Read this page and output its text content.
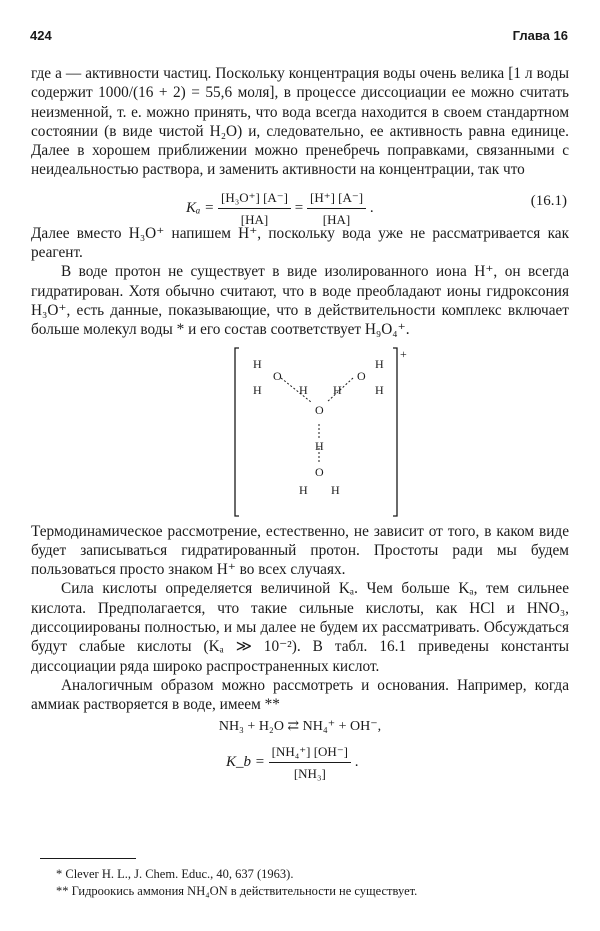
424	Глава 16

где a — активности частиц. Поскольку концентрация воды очень велика [1 л воды содержит 1000/(16 + 2) = 55,6 моля], в процессе диссоциации ее можно считать неизменной, т. е. можно принять, что вода всегда находится в своем стандартном состоянии (в виде чистой H₂O) и, следовательно, ее активность равна единице. Далее в хорошем приближении можно пренебречь поправками, связанными с неидеальностью раствора, и заменить активности на концентрации, так что

$K_a = \frac{\text{[H₃O⁺] [A⁻]}}{[HA]} = \frac{[H^+] [A^-]}{[HA]}$ .	(16.1)

Далее вместо H₃O⁺ напишем H⁺, поскольку вода уже не рассматривается как реагент.

В воде протон не существует в виде изолированного иона H⁺, он всегда гидратирован. Хотя обычно считают, что в воде преобладают ионы гидроксония H₃O⁺, есть данные, показывающие, что в действительности комплекс включает больше молекул воды * и его состав соответствует H₉O₄⁺.

+
H
O
H
H
O
H
H
O
H
H
O
H H

Термодинамическое рассмотрение, естественно, не зависит от того, в каком виде будет записываться гидратированный протон. Простоты ради мы будем пользоваться просто знаком H⁺ во всех случаях.

Сила кислоты определяется величиной Kₐ. Чем больше Kₐ, тем сильнее кислота. Предполагается, что такие сильные кислоты, как HCl и HNO₃, диссоциированы полностью, и мы далее не будем их рассматривать. Обсуждаться будут слабые кислоты (Kₐ ≫ 10⁻²). В табл. 16.1 приведены константы диссоциации ряда широко распространенных кислот.

Аналогичным образом можно рассмотреть и основания. Например, когда аммиак растворяется в воде, имеем **

NH₃ + H₂O ⇄ NH₄⁺ + OH⁻,
K_b = $\frac{\text{[NH₄⁺] [OH⁻]}}{\text{[NH₃]}}$ .
* Clever H. L., J. Chem. Educ., 40, 637 (1963).
** Гидроокись аммония NH₄ON в действительности не существует.
